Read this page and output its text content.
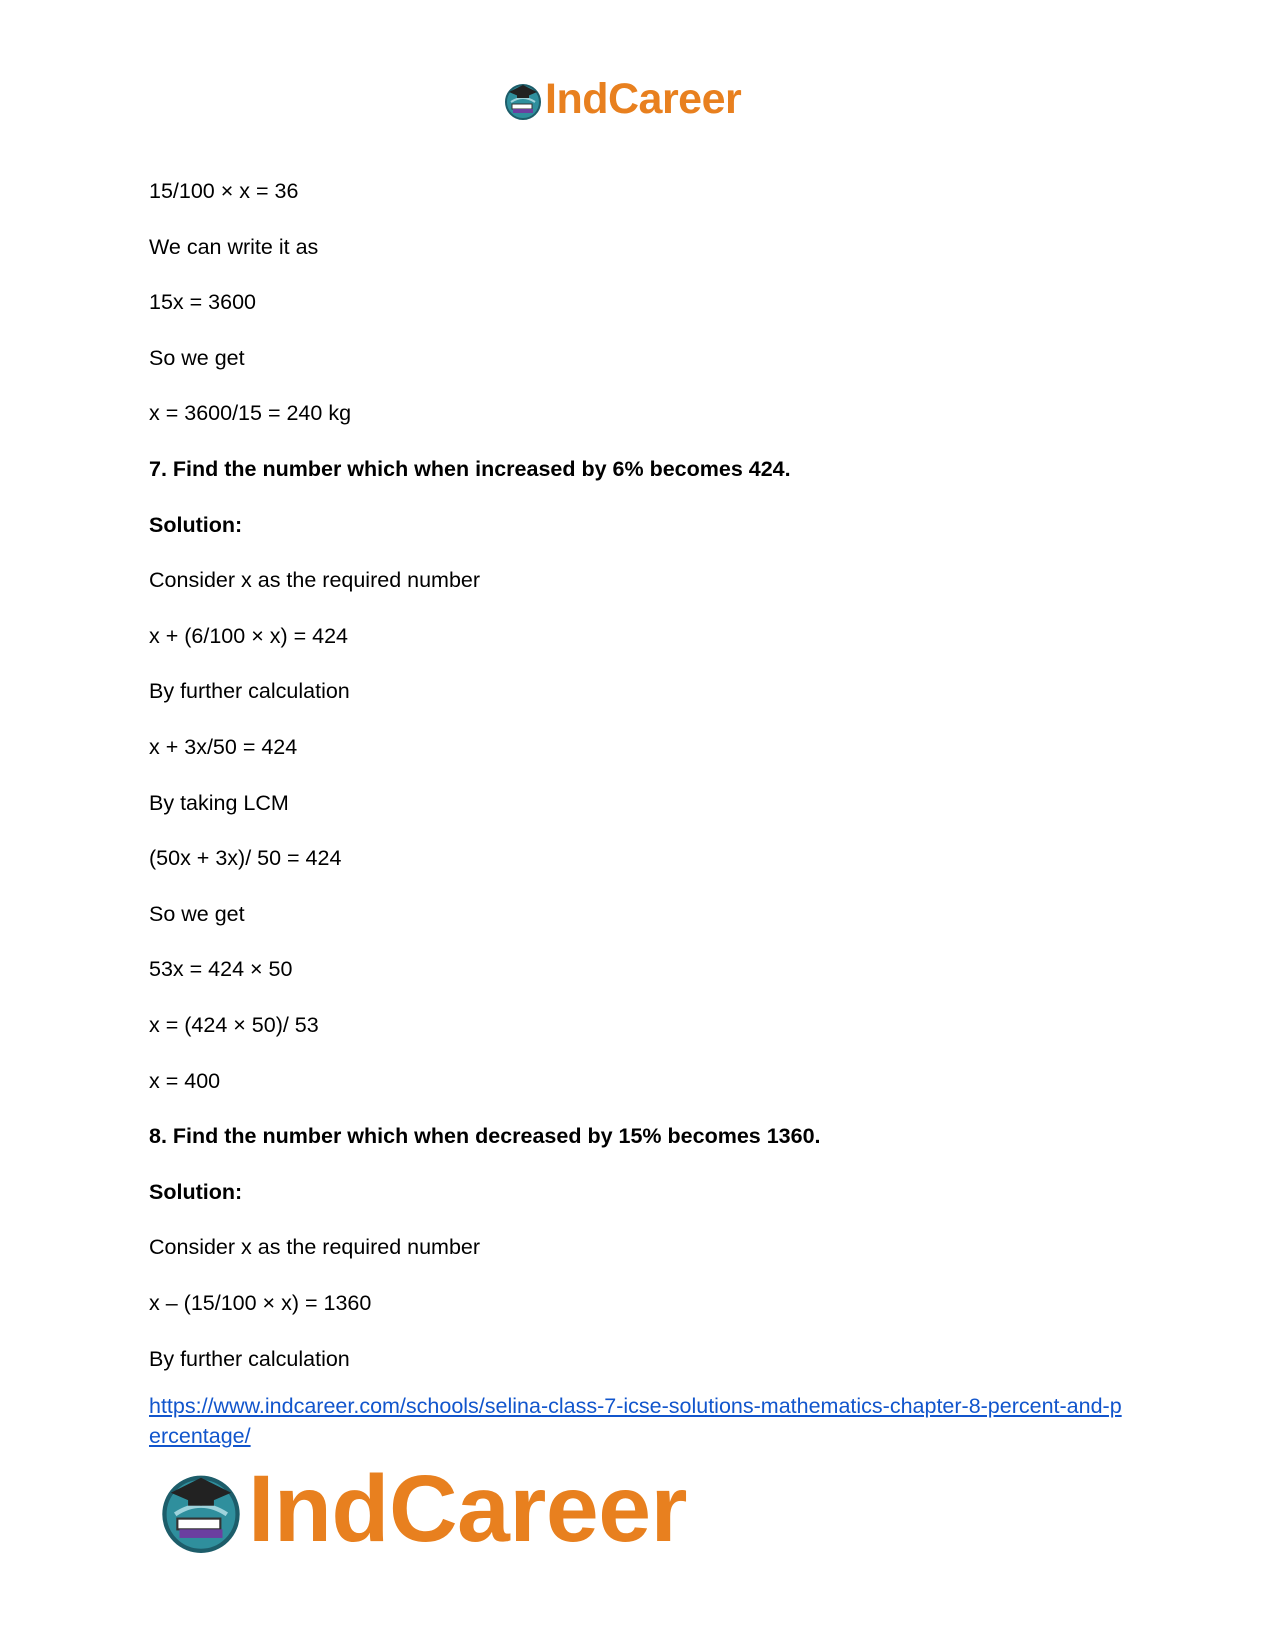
IndCareer
15/100 × x = 36
We can write it as
15x = 3600
So we get
x = 3600/15 = 240 kg
7. Find the number which when increased by 6% becomes 424.
Solution:
Consider x as the required number
x + (6/100 × x) = 424
By further calculation
x + 3x/50 = 424
By taking LCM
(50x + 3x)/ 50 = 424
So we get
53x = 424 × 50
x = (424 × 50)/ 53
x = 400
8. Find the number which when decreased by 15% becomes 1360.
Solution:
Consider x as the required number
x – (15/100 × x) = 1360
By further calculation
https://www.indcareer.com/schools/selina-class-7-icse-solutions-mathematics-chapter-8-percent-and-percentage/
IndCareer
